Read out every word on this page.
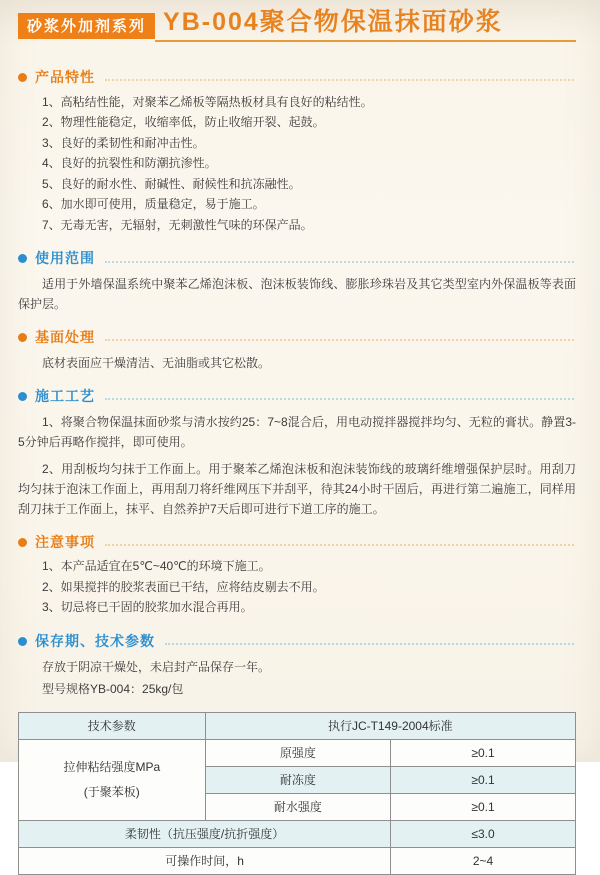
砂浆外加剂系列 YB-004聚合物保温抹面砂浆
产品特性
1、高粘结性能，对聚苯乙烯板等隔热板材具有良好的粘结性。
2、物理性能稳定，收缩率低，防止收缩开裂、起鼓。
3、良好的柔韧性和耐冲击性。
4、良好的抗裂性和防潮抗渗性。
5、良好的耐水性、耐碱性、耐候性和抗冻融性。
6、加水即可使用，质量稳定，易于施工。
7、无毒无害，无辐射，无刺激性气味的环保产品。
使用范围

适用于外墙保温系统中聚苯乙烯泡沫板、泡沫板装饰线、膨胀珍珠岩及其它类型室内外保温板等表面保护层。

基面处理

底材表面应干燥清洁、无油脂或其它松散。

施工工艺

1、将聚合物保温抹面砂浆与清水按约25：7~8混合后，用电动搅拌器搅拌均匀、无粒的膏状。静置3-5分钟后再略作搅拌，即可使用。

2、用刮板均匀抹于工作面上。用于聚苯乙烯泡沫板和泡沫装饰线的玻璃纤维增强保护层时。用刮刀均匀抹于泡沫工作面上，再用刮刀将纤维网压下并刮平，待其24小时干固后，再进行第二遍施工，同样用刮刀抹于工作面上，抹平、自然养护7天后即可进行下道工序的施工。

注意事项
1、本产品适宜在5℃~40℃的环境下施工。
2、如果搅拌的胶浆表面已干结，应将结皮剔去不用。
3、切忌将已干固的胶浆加水混合再用。
保存期、技术参数

存放于阴凉干燥处，未启封产品保存一年。

型号规格YB-004：25kg/包

技术参数	执行JC-T149-2004标准	

拉伸粘结强度MPa
(于聚苯板)	原强度	≥0.1
	耐冻度	≥0.1
	耐水强度	≥0.1
柔韧性（抗压强度/抗折强度）		≤3.0
可操作时间，h		2~4
